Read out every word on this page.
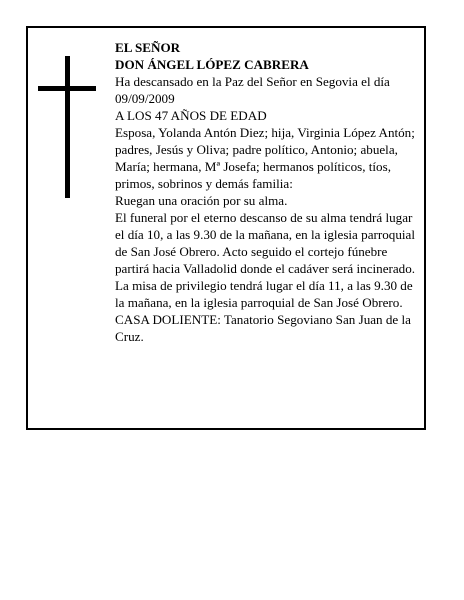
EL SEÑOR

DON ÁNGEL LÓPEZ CABRERA

Ha descansado en la Paz del Señor en Segovia el día 09/09/2009

A LOS 47 AÑOS DE EDAD

Esposa, Yolanda Antón Diez; hija, Virginia López Antón; padres, Jesús y Oliva; padre político, Antonio; abuela, María; hermana, Mª Josefa; hermanos políticos, tíos, primos, sobrinos y demás familia:

Ruegan una oración por su alma.

El funeral por el eterno descanso de su alma tendrá lugar el día 10, a las 9.30 de la mañana, en la iglesia parroquial de San José Obrero. Acto seguido el cortejo fúnebre partirá hacia Valladolid donde el cadáver será incinerado.

La misa de privilegio tendrá lugar el día 11, a las 9.30 de la mañana, en la iglesia parroquial de San José Obrero.

CASA DOLIENTE: Tanatorio Segoviano San Juan de la Cruz.
